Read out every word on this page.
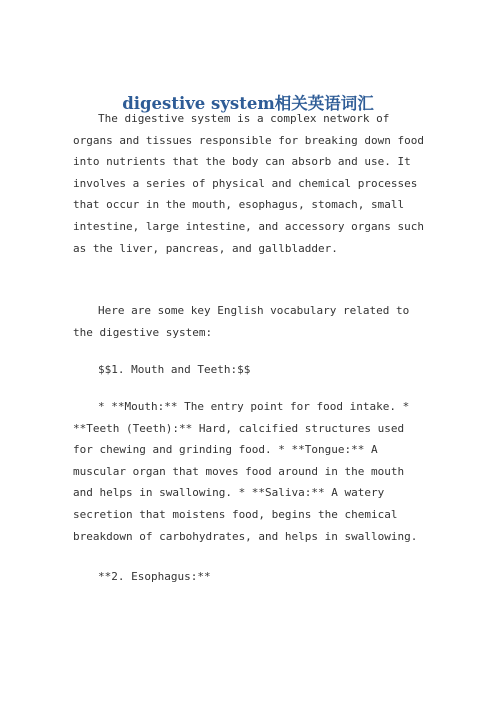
digestive system相关英语词汇

The digestive system is a complex network of organs and tissues responsible for breaking down food into nutrients that the body can absorb and use. It involves a series of physical and chemical processes that occur in the mouth, esophagus, stomach, small intestine, large intestine, and accessory organs such as the liver, pancreas, and gallbladder.

Here are some key English vocabulary related to the digestive system:

$$1. Mouth and Teeth:$$

* **Mouth:** The entry point for food intake. * **Teeth (Teeth):** Hard, calcified structures used for chewing and grinding food. * **Tongue:** A muscular organ that moves food around in the mouth and helps in swallowing. * **Saliva:** A watery secretion that moistens food, begins the chemical breakdown of carbohydrates, and helps in swallowing.

**2. Esophagus:**
